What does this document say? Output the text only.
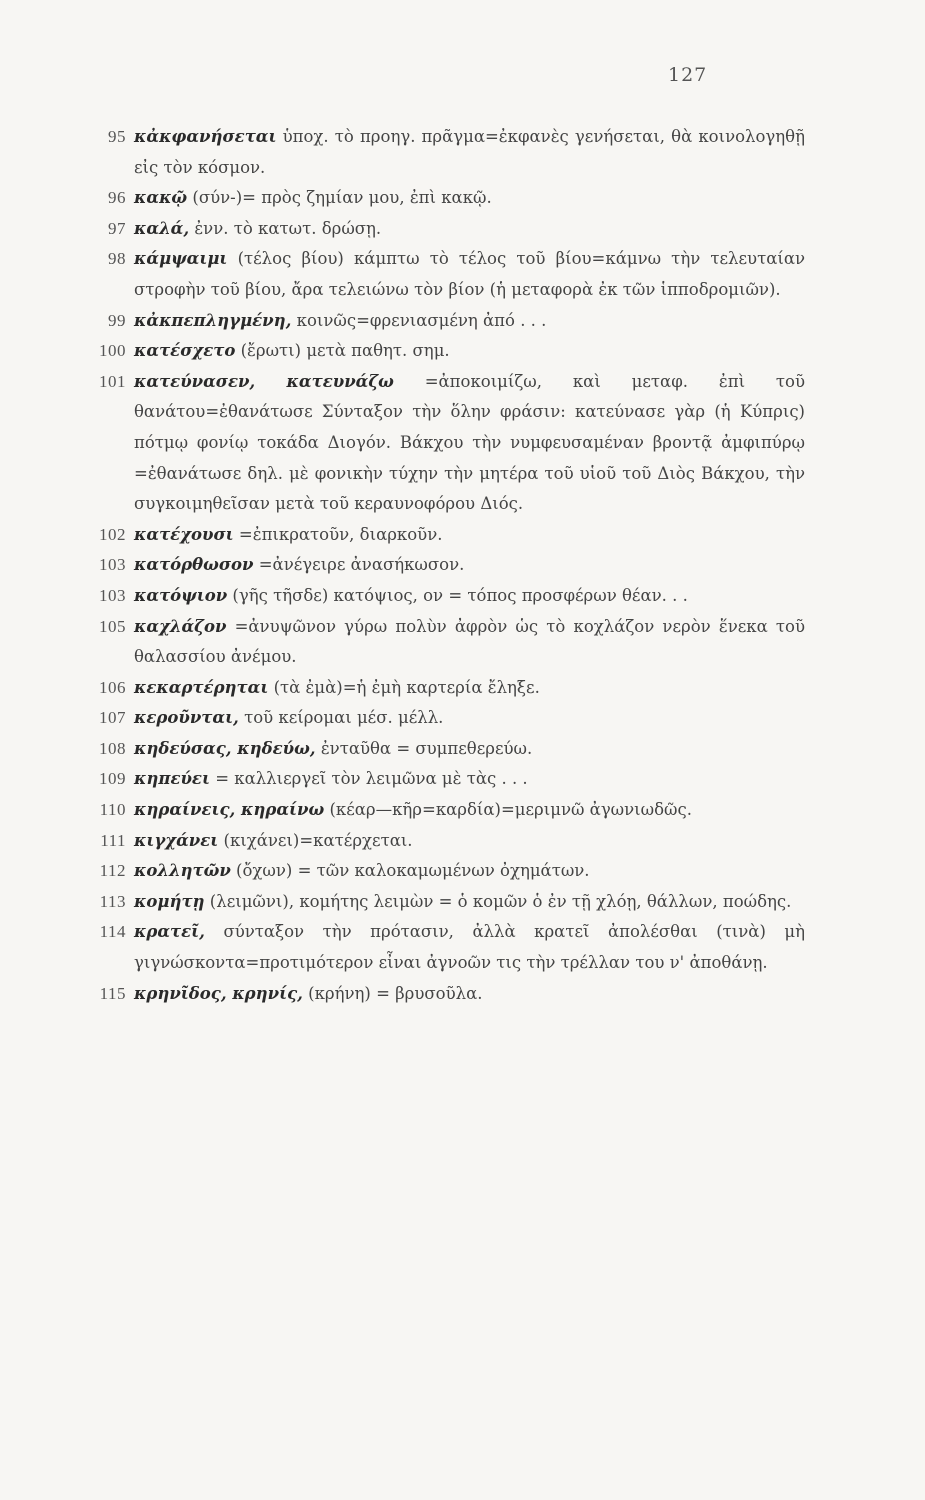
127
95 κἀκφανήσεται ὑποχ. τὸ προηγ. πρᾶγμα=ἐκφανὲς γενήσεται, θὰ κοινολογηθῇ εἰς τὸν κόσμον.
96 κακῷ (σύν-)= πρὸς ζημίαν μου, ἐπὶ κακῷ.
97 καλά, ἐνν. τὸ κατωτ. δρώσῃ.
98 κάμψαιμι (τέλος βίου) κάμπτω τὸ τέλος τοῦ βίου=κάμνω τὴν τελευταίαν στροφὴν τοῦ βίου, ἄρα τελειώνω τὸν βίον (ἡ μεταφορὰ ἐκ τῶν ἱπποδρομιῶν).
99 κἀκπεπληγμένη, κοινῶς=φρενιασμένη ἀπό . . .
100 κατέσχετο (ἔρωτι) μετὰ παθητ. σημ.
101 κατεύνασεν, κατευνάζω =ἀποκοιμίζω, καὶ μεταφ. ἐπὶ τοῦ θανάτου=ἐθανάτωσε Σύνταξον τὴν ὅλην φράσιν: κατεύνασε γὰρ (ἡ Κύπρις) πότμῳ φονίῳ τοκάδα Διογόν. Βάκχου τὴν νυμφευσαμέναν βροντᾷ ἀμφιπύρῳ =ἐθανάτωσε δηλ. μὲ φονικὴν τύχην τὴν μητέρα τοῦ υἱοῦ τοῦ Διὸς Βάκχου, τὴν συγκοιμηθεῖσαν μετὰ τοῦ κεραυνοφόρου Διός.
102 κατέχουσι =ἐπικρατοῦν, διαρκοῦν.
103 κατόρθωσον =ἀνέγειρε ἀνασήκωσον.
103 κατόψιον (γῆς τῆσδε) κατόψιος, ον = τόπος προσφέρων θέαν. . .
105 καχλάζον =ἀνυψῶνον γύρω πολὺν ἀφρὸν ὡς τὸ κοχλάζον νερὸν ἕνεκα τοῦ θαλασσίου ἀνέμου.
106 κεκαρτέρηται (τὰ ἐμὰ)=ἡ ἐμὴ καρτερία ἔληξε.
107 κεροῦνται, τοῦ κείρομαι μέσ. μέλλ.
108 κηδεύσας, κηδεύω, ἐνταῦθα = συμπεθερεύω.
109 κηπεύει = καλλιεργεῖ τὸν λειμῶνα μὲ τὰς . . .
110 κηραίνεις, κηραίνω (κέαρ—κῆρ=καρδία)=μεριμνῶ ἀγωνιωδῶς.
111 κιγχάνει (κιχάνει)=κατέρχεται.
112 κολλητῶν (ὄχων) = τῶν καλοκαμωμένων ὀχημάτων.
113 κομήτῃ (λειμῶνι), κομήτης λειμὼν = ὁ κομῶν ὁ ἐν τῇ χλόῃ, θάλλων, ποώδης.
114 κρατεῖ, σύνταξον τὴν πρότασιν, ἀλλὰ κρατεῖ ἀπολέσθαι (τινὰ) μὴ γιγνώσκοντα=προτιμότερον εἶναι ἀγνοῶν τις τὴν τρέλλαν του ν' ἀποθάνῃ.
115 κρηνῖδος, κρηνίς, (κρήνη) = βρυσοῦλα.
